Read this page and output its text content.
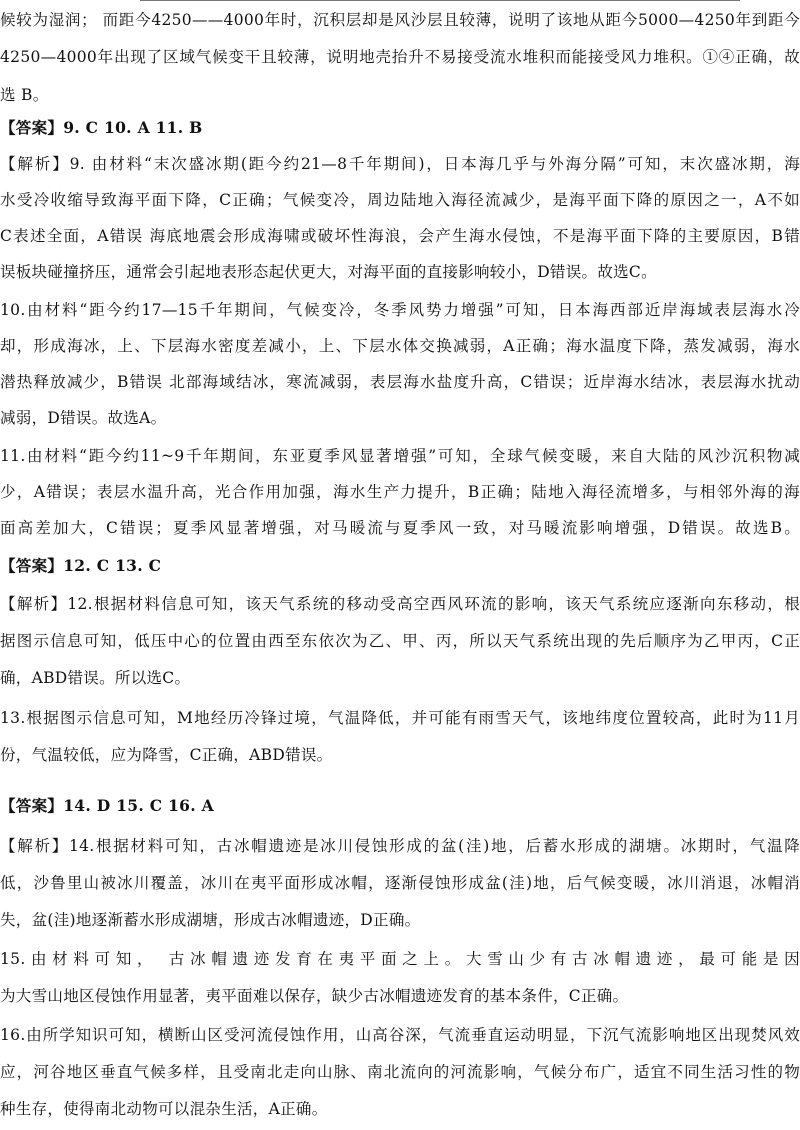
候较为湿润； 而距今4250——4000年时，沉积层却是风沙层且较薄，说明了该地从距今5000—4250年到距今
4250—4000年出现了区域气候变干且较薄，说明地壳抬升不易接受流水堆积而能接受风力堆积。①④正确，故
选 B。
【答案】9. C 10. A 11. B
【解析】9. 由材料“末次盛冰期(距今约21—8千年期间)，日本海几乎与外海分隔”可知，末次盛冰期，海
水受冷收缩导致海平面下降，C正确；气候变冷，周边陆地入海径流减少，是海平面下降的原因之一，A不如
C表述全面，A错误 海底地震会形成海啸或破坏性海浪，会产生海水侵蚀，不是海平面下降的主要原因，B错
误板块碰撞挤压，通常会引起地表形态起伏更大，对海平面的直接影响较小，D错误。故选C。
10.由材料“距今约17—15千年期间，气候变冷，冬季风势力增强”可知，日本海西部近岸海域表层海水冷
却，形成海冰，上、下层海水密度差减小，上、下层水体交换减弱，A正确；海水温度下降，蒸发减弱，海水
潜热释放减少，B错误 北部海域结冰，寒流减弱，表层海水盐度升高，C错误；近岸海水结冰，表层海水扰动
减弱，D错误。故选A。
11.由材料“距今约11~9千年期间，东亚夏季风显著增强”可知，全球气候变暖，来自大陆的风沙沉积物减
少，A错误；表层水温升高，光合作用加强，海水生产力提升，B正确；陆地入海径流增多，与相邻外海的海
面高差加大，C错误；夏季风显著增强，对马暖流与夏季风一致，对马暖流影响增强，D错误。故选B。
【答案】12. C 13. C
【解析】12.根据材料信息可知，该天气系统的移动受高空西风环流的影响，该天气系统应逐渐向东移动，根
据图示信息可知，低压中心的位置由西至东依次为乙、甲、丙，所以天气系统出现的先后顺序为乙甲丙，C正
确，ABD错误。所以选C。
13.根据图示信息可知，M地经历冷锋过境，气温降低，并可能有雨雪天气，该地纬度位置较高，此时为11月
份，气温较低，应为降雪，C正确，ABD错误。
【答案】14. D 15. C 16. A
【解析】14.根据材料可知，古冰帽遗迹是冰川侵蚀形成的盆(洼)地，后蓄水形成的湖塘。冰期时，气温降
低，沙鲁里山被冰川覆盖，冰川在夷平面形成冰帽，逐渐侵蚀形成盆(洼)地，后气候变暖，冰川消退，冰帽消
失，盆(洼)地逐渐蓄水形成湖塘，形成古冰帽遗迹，D正确。
15.由材料可知， 古冰帽遗迹发育在夷平面之上。大雪山少有古冰帽遗迹，最可能是因
为大雪山地区侵蚀作用显著，夷平面难以保存，缺少古冰帽遗迹发育的基本条件，C正确。
16.由所学知识可知，横断山区受河流侵蚀作用，山高谷深，气流垂直运动明显，下沉气流影响地区出现焚风效
应，河谷地区垂直气候多样，且受南北走向山脉、南北流向的河流影响，气候分布广，适宜不同生活习性的物
种生存，使得南北动物可以混杂生活，A正确。
